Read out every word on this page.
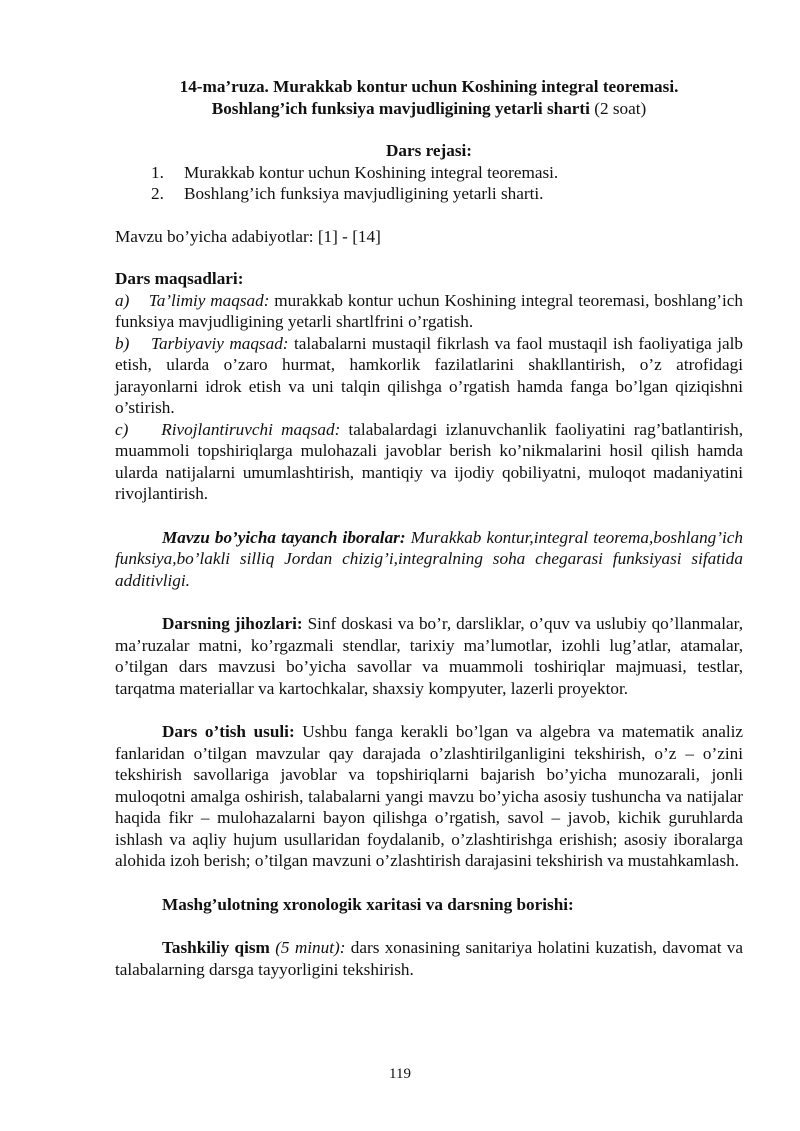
14-ma’ruza. Murakkab kontur uchun Koshining integral teoremasi.
Boshlang’ich funksiya mavjudligining yetarli sharti (2 soat)

Dars rejasi:

1. Murakkab kontur uchun Koshining integral teoremasi.
2. Boshlang’ich funksiya mavjudligining yetarli sharti.

Mavzu bo’yicha adabiyotlar: [1] - [14]

Dars maqsadlari:

a) Ta’limiy maqsad: murakkab kontur uchun Koshining integral teoremasi, boshlang’ich funksiya mavjudligining yetarli shartlfrini o’rgatish.

b) Tarbiyaviy maqsad: talabalarni mustaqil fikrlash va faol mustaqil ish faoliyatiga jalb etish, ularda o’zaro hurmat, hamkorlik fazilatlarini shakllantirish, o’z atrofidagi jarayonlarni idrok etish va uni talqin qilishga o’rgatish hamda fanga bo’lgan qiziqishni o’stirish.

c) Rivojlantiruvchi maqsad: talabalardagi izlanuvchanlik faoliyatini rag’batlantirish, muammoli topshiriqlarga mulohazali javoblar berish ko’nikmalarini hosil qilish hamda ularda natijalarni umumlashtirish, mantiqiy va ijodiy qobiliyatni, muloqot madaniyatini rivojlantirish.

Mavzu bo’yicha tayanch iboralar: Murakkab kontur,integral teorema,boshlang’ich funksiya,bo’lakli silliq Jordan chizig’i,integralning soha chegarasi funksiyasi sifatida additivligi.

Darsning jihozlari: Sinf doskasi va bo’r, darsliklar, o’quv va uslubiy qo’llanmalar, ma’ruzalar matni, ko’rgazmali stendlar, tarixiy ma’lumotlar, izohli lug’atlar, atamalar, o’tilgan dars mavzusi bo’yicha savollar va muammoli toshiriqlar majmuasi, testlar, tarqatma materiallar va kartochkalar, shaxsiy kompyuter, lazerli proyektor.

Dars o’tish usuli: Ushbu fanga kerakli bo’lgan va algebra va matematik analiz fanlaridan o’tilgan mavzular qay darajada o’zlashtirilganligini tekshirish, o’z – o’zini tekshirish savollariga javoblar va topshiriqlarni bajarish bo’yicha munozarali, jonli muloqotni amalga oshirish, talabalarni yangi mavzu bo’yicha asosiy tushuncha va natijalar haqida fikr – mulohazalarni bayon qilishga o’rgatish, savol – javob, kichik guruhlarda ishlash va aqliy hujum usullaridan foydalanib, o’zlashtirishga erishish; asosiy iboralarga alohida izoh berish; o’tilgan mavzuni o’zlashtirish darajasini tekshirish va mustahkamlash.

Mashg’ulotning xronologik xaritasi va darsning borishi:

Tashkiliy qism (5 minut): dars xonasining sanitariya holatini kuzatish, davomat va talabalarning darsga tayyorligini tekshirish.

119
